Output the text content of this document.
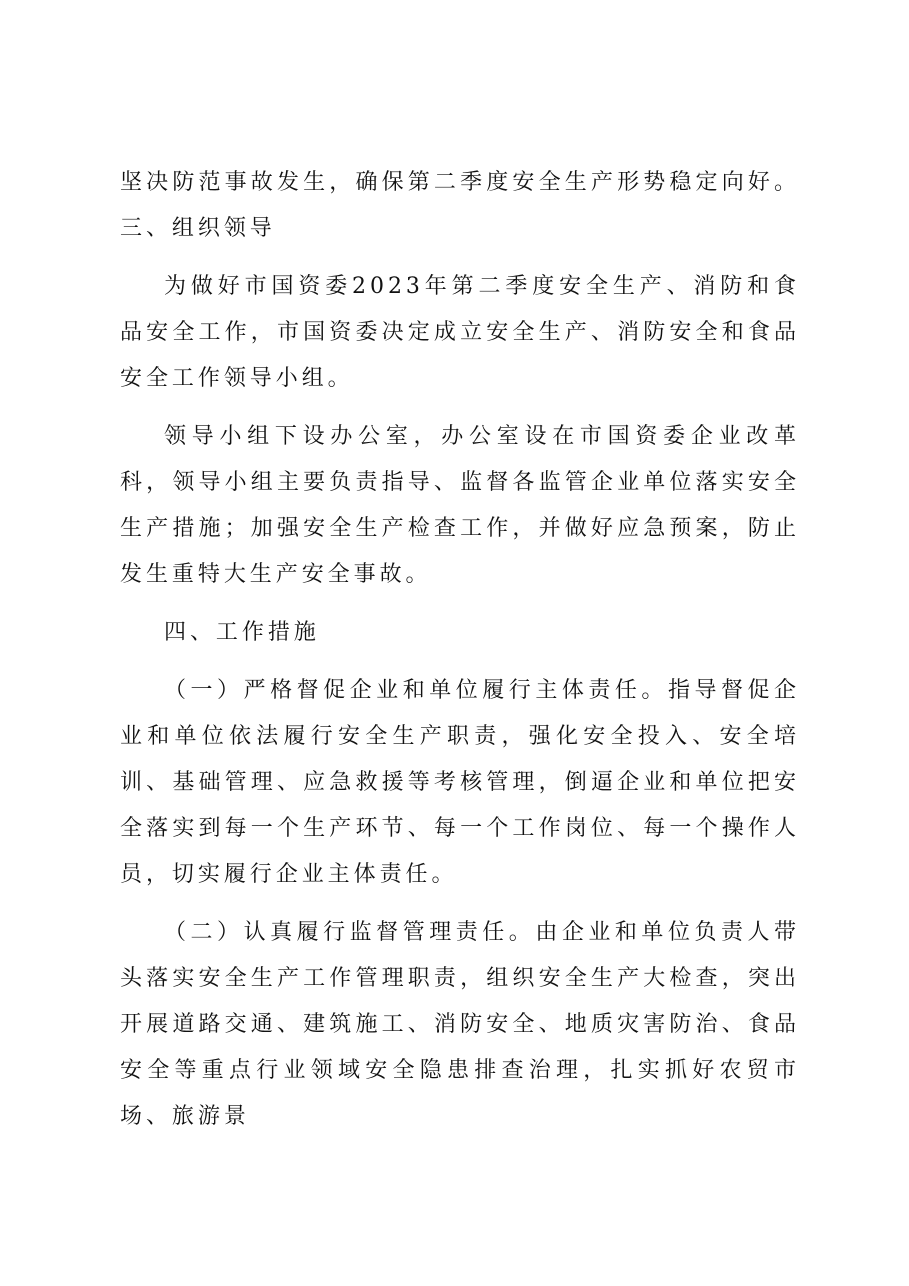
坚决防范事故发生，确保第二季度安全生产形势稳定向好。三、组织领导

为做好市国资委2023年第二季度安全生产、消防和食品安全工作，市国资委决定成立安全生产、消防安全和食品安全工作领导小组。

领导小组下设办公室，办公室设在市国资委企业改革科，领导小组主要负责指导、监督各监管企业单位落实安全生产措施；加强安全生产检查工作，并做好应急预案，防止发生重特大生产安全事故。

四、工作措施

（一）严格督促企业和单位履行主体责任。指导督促企业和单位依法履行安全生产职责，强化安全投入、安全培训、基础管理、应急救援等考核管理，倒逼企业和单位把安全落实到每一个生产环节、每一个工作岗位、每一个操作人员，切实履行企业主体责任。

（二）认真履行监督管理责任。由企业和单位负责人带头落实安全生产工作管理职责，组织安全生产大检查，突出开展道路交通、建筑施工、消防安全、地质灾害防治、食品安全等重点行业领域安全隐患排查治理，扎实抓好农贸市场、旅游景
